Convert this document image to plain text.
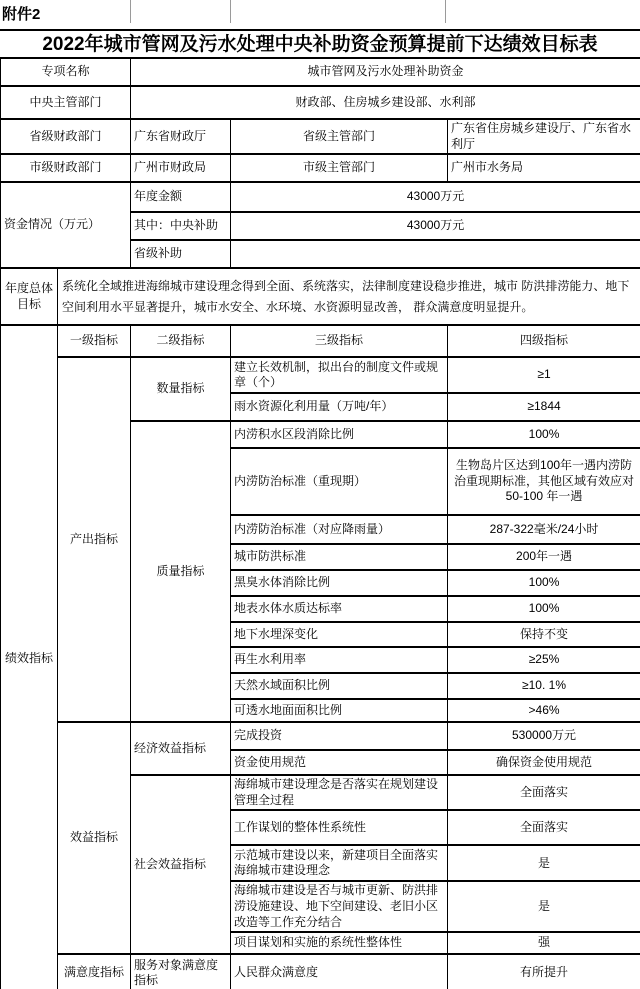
附件2
2022年城市管网及污水处理中央补助资金预算提前下达绩效目标表
专项名称		城市管网及污水处理补助资金		
中央主管部门		财政部、住房城乡建设部、水利部		
省级财政部门		广东省财政厅	省级主管部门	广东省住房城乡建设厅、广东省水利厅
市级财政部门		广州市财政局	市级主管部门	广州市水务局
资金情况（万元）		年度金额	43000万元	
		其中：中央补助	43000万元	
		省级补助		
年度总体目标	系统化全域推进海绵城市建设理念得到全面、系统落实，法律制度建设稳步推进，城市 防洪排涝能力、地下空间利用水平显著提升，城市水安全、水环境、水资源明显改善， 群众满意度明显提升。			
绩效指标	一级指标	二级指标	三级指标	四级指标
	产出指标	数量指标	建立长效机制，拟出台的制度文件或规章（个）	≥1
			雨水资源化利用量（万吨/年）	≥1844
		质量指标	内涝积水区段消除比例	100%
			内涝防治标准（重现期）	生物岛片区达到100年一遇内涝防治重现期标准，其他区域有效应对50-100 年一遇
			内涝防治标准（对应降雨量）	287-322毫米/24小时
			城市防洪标准	200年一遇
			黑臭水体消除比例	100%
			地表水体水质达标率	100%
			地下水埋深变化	保持不变
			再生水利用率	≥25%
			天然水域面积比例	≥10. 1%
			可透水地面面积比例	>46%
	效益指标	经济效益指标	完成投资	530000万元
			资金使用规范	确保资金使用规范
		社会效益指标	海绵城市建设理念是否落实在规划建设管理全过程	全面落实
			工作谋划的整体性系统性	全面落实
			示范城市建设以来，新建项目全面落实海绵城市建设理念	是
			海绵城市建设是否与城市更新、防洪排涝设施建设、地下空间建设、老旧小区改造等工作充分结合	是
			项目谋划和实施的系统性整体性	强
	满意度指标	服务对象满意度指标	人民群众满意度	有所提升
